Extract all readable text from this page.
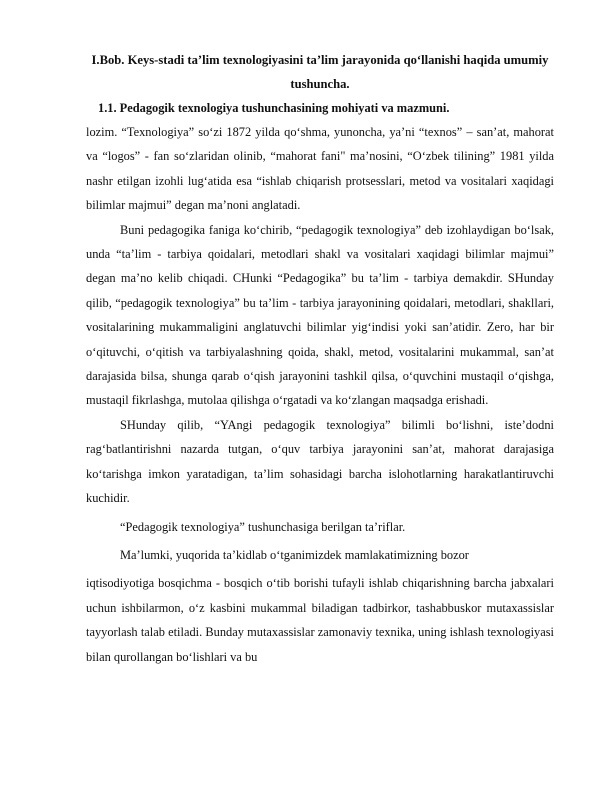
I.Bob. Keys-stadi ta’lim texnologiyasini ta’lim jarayonida qo‘llanishi haqida umumiy tushuncha.
1.1. Pedagogik texnologiya tushunchasining mohiyati va mazmuni.

lozim. “Texnologiya” so‘zi 1872 yilda qo‘shma, yunoncha, ya’ni “texnos” – san’at, mahorat va “logos” - fan so‘zlaridan olinib, “mahorat fani" ma’nosini, “O‘zbek tilining” 1981 yilda nashr etilgan izohli lug‘atida esa “ishlab chiqarish protsesslari, metod va vositalari xaqidagi bilimlar majmui” degan ma’noni anglatadi.

Buni pedagogika faniga ko‘chirib, “pedagogik texnologiya” deb izohlaydigan bo‘lsak, unda “ta’lim - tarbiya qoidalari, metodlari shakl va vositalari xaqidagi bilimlar majmui” degan ma’no kelib chiqadi. CHunki “Pedagogika” bu ta’lim - tarbiya demakdir. SHunday qilib, “pedagogik texnologiya” bu ta’lim - tarbiya jarayonining qoidalari, metodlari, shakllari, vositalarining mukammaligini anglatuvchi bilimlar yig‘indisi yoki san’atidir. Zero, har bir o‘qituvchi, o‘qitish va tarbiyalashning qoida, shakl, metod, vositalarini mukammal, san’at darajasida bilsa, shunga qarab o‘qish jarayonini tashkil qilsa, o‘quvchini mustaqil o‘qishga, mustaqil fikrlashga, mutolaa qilishga o‘rgatadi va ko‘zlangan maqsadga erishadi.

SHunday qilib, “YAngi pedagogik texnologiya” bilimli bo‘lishni, iste’dodni rag‘batlantirishni nazarda tutgan, o‘quv tarbiya jarayonini san’at, mahorat darajasiga ko‘tarishga imkon yaratadigan, ta’lim sohasidagi barcha islohotlarning harakatlantiruvchi kuchidir.

“Pedagogik texnologiya” tushunchasiga berilgan ta’riflar.

Ma’lumki, yuqorida ta’kidlab o‘tganimizdek mamlakatimizning bozor

iqtisodiyotiga bosqichma - bosqich o‘tib borishi tufayli ishlab chiqarishning barcha jabxalari uchun ishbilarmon, o‘z kasbini mukammal biladigan tadbirkor, tashabbuskor mutaxassislar tayyorlash talab etiladi. Bunday mutaxassislar zamonaviy texnika, uning ishlash texnologiyasi bilan qurollangan bo‘lishlari va bu
